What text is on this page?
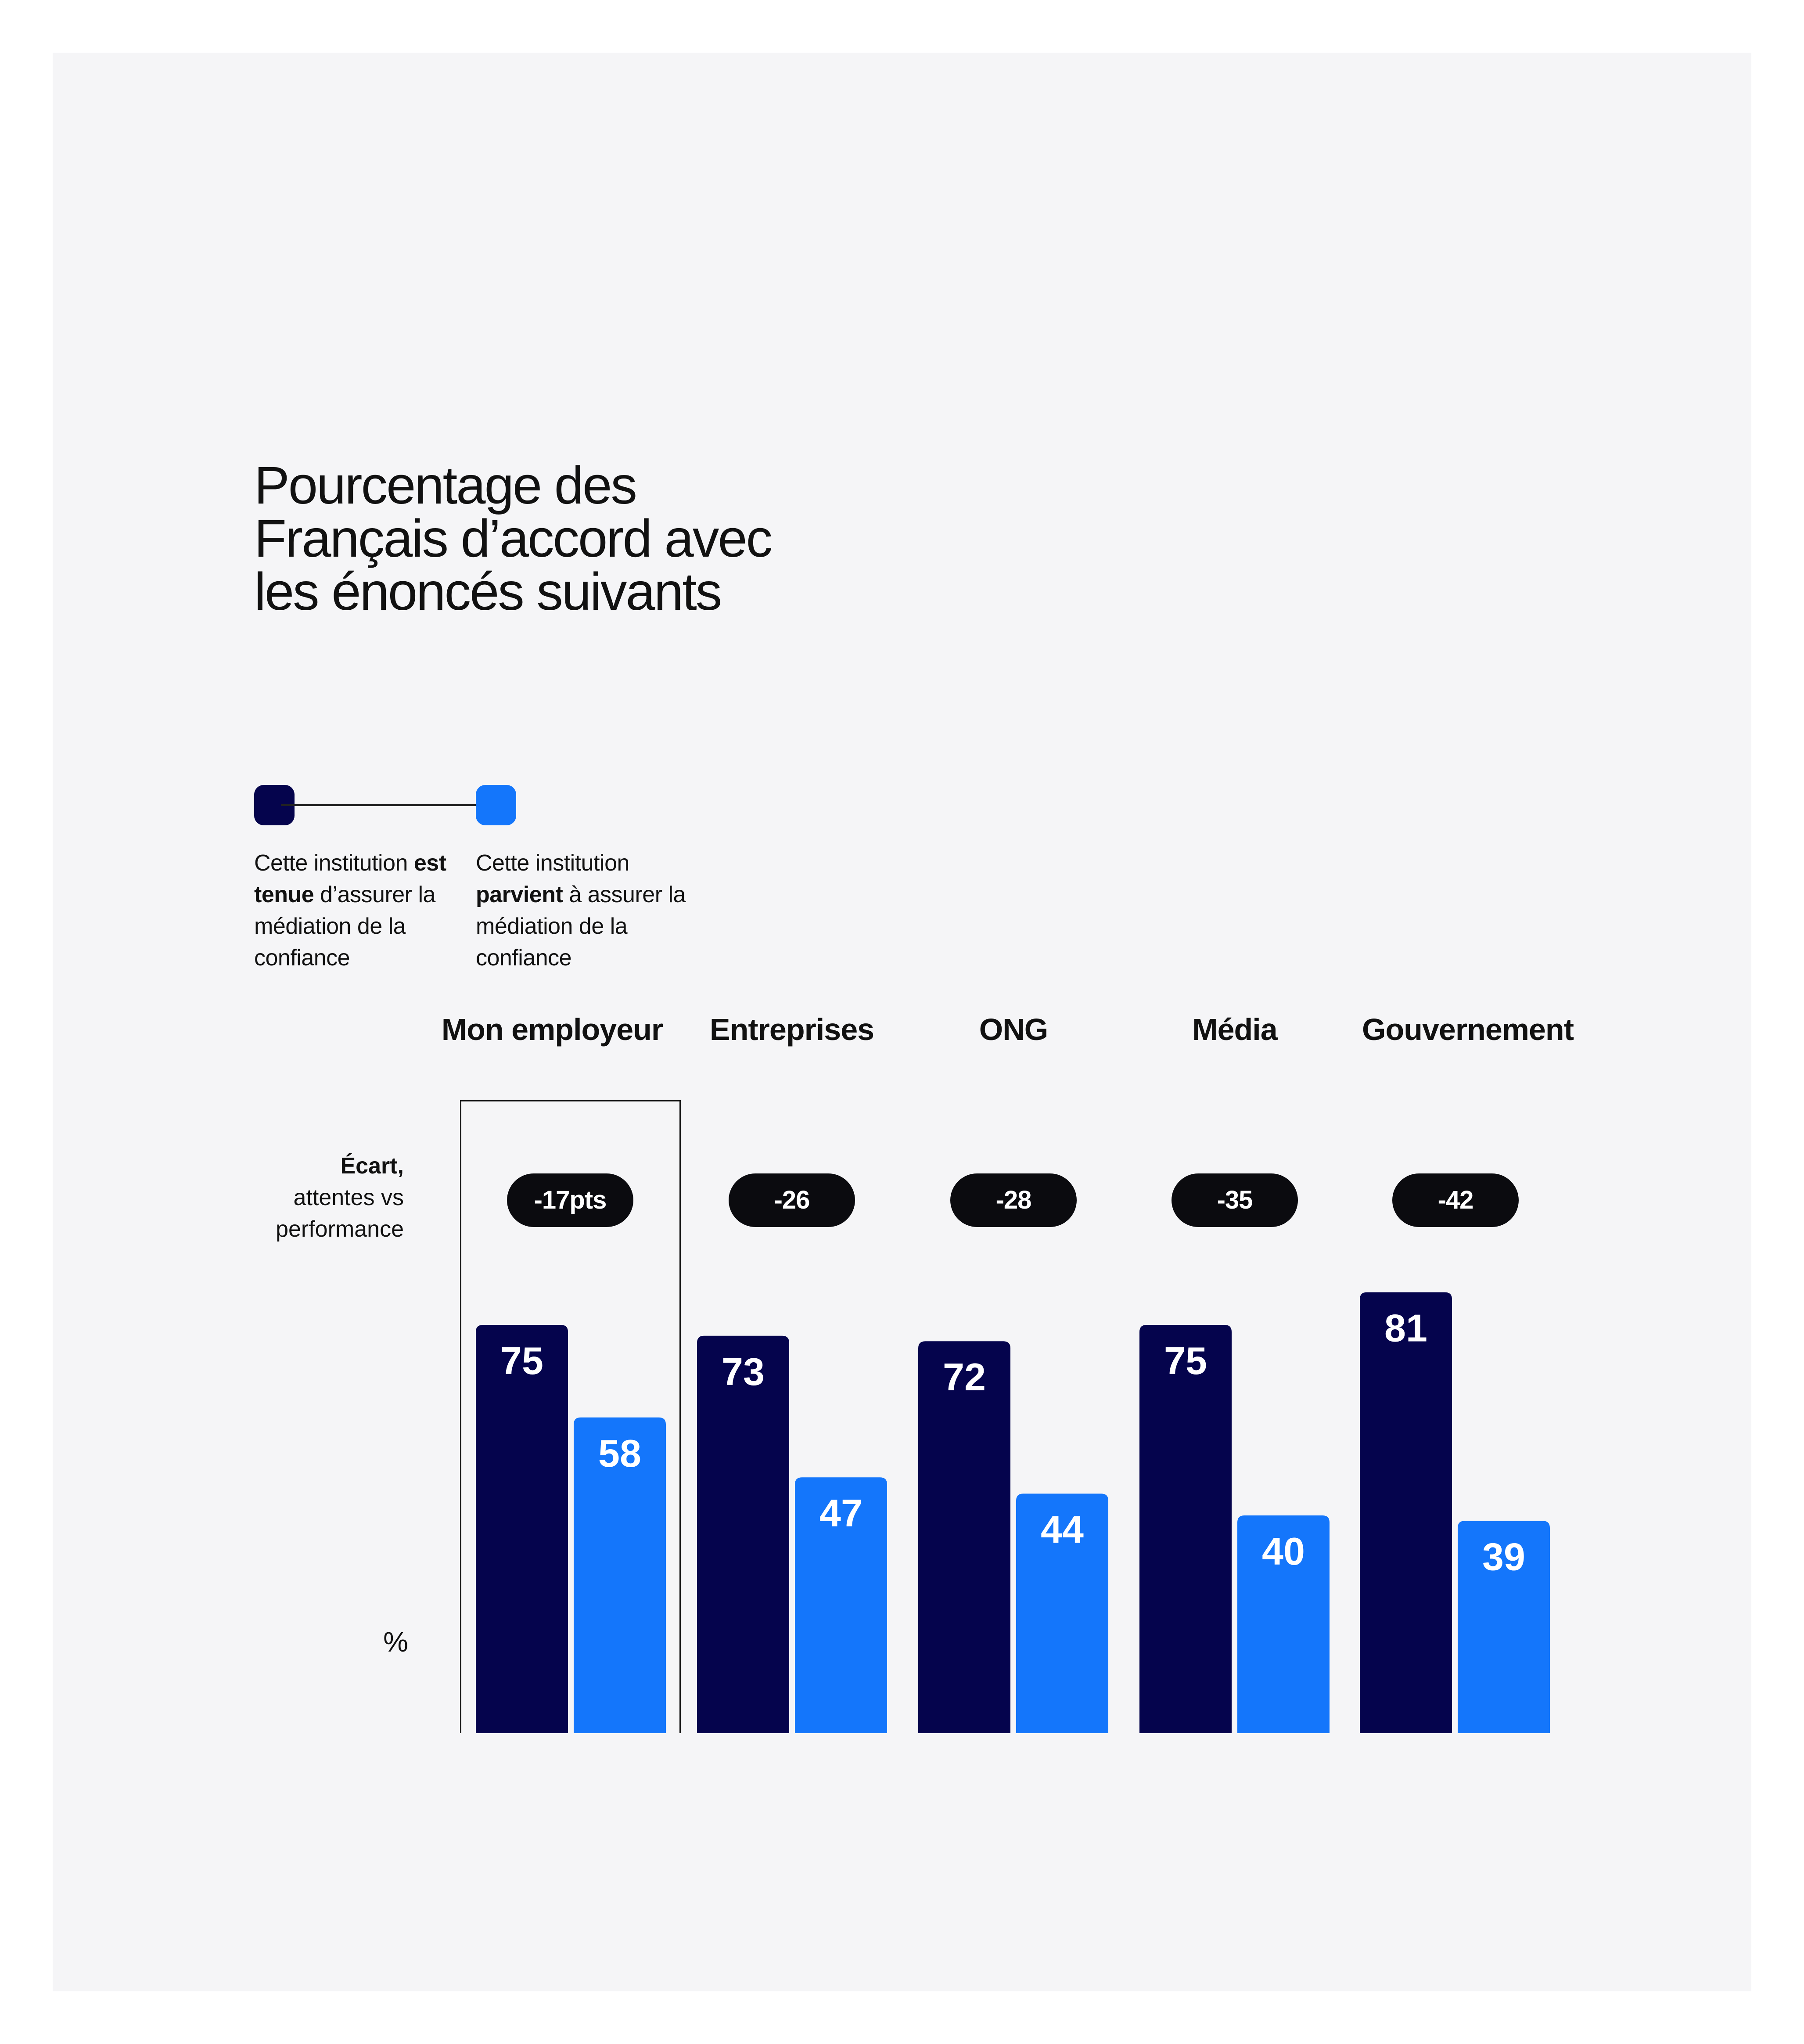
Pourcentage des Français d’accord avec les énoncés suivants
Cette institution est tenue d’assurer la médiation de la confiance
Cette institution parvient à assurer la médiation de la confiance
Mon employeur	Entreprises	ONG	Média	Gouvernement
Écart,
attentes vs performance
-17pts	-26	-28	-35	-42
%
75
58
73
47
72
44
75
40
81
39
